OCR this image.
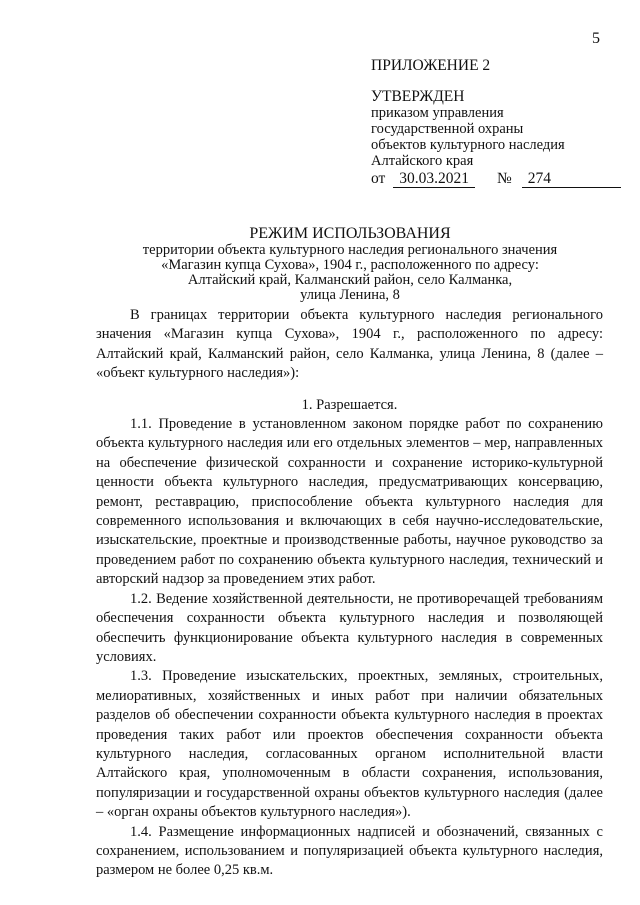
5
ПРИЛОЖЕНИЕ 2
УТВЕРЖДЕН
приказом управления
государственной охраны
объектов культурного наследия
Алтайского края
от 30.03.2021	№	274
РЕЖИМ ИСПОЛЬЗОВАНИЯ
территории объекта культурного наследия регионального значения
«Магазин купца Сухова», 1904 г., расположенного по адресу:
Алтайский край, Калманский район, село Калманка,
улица Ленина, 8

В границах территории объекта культурного наследия регионального значения «Магазин купца Сухова», 1904 г., расположенного по адресу: Алтайский край, Калманский район, село Калманка, улица Ленина, 8 (далее – «объект культурного наследия»):

1. Разрешается.

1.1. Проведение в установленном законом порядке работ по сохранению объекта культурного наследия или его отдельных элементов – мер, направленных на обеспечение физической сохранности и сохранение историко-культурной ценности объекта культурного наследия, предусматривающих консервацию, ремонт, реставрацию, приспособление объекта культурного наследия для современного использования и включающих в себя научно-исследовательские, изыскательские, проектные и производственные работы, научное руководство за проведением работ по сохранению объекта культурного наследия, технический и авторский надзор за проведением этих работ.

1.2. Ведение хозяйственной деятельности, не противоречащей требованиям обеспечения сохранности объекта культурного наследия и позволяющей обеспечить функционирование объекта культурного наследия в современных условиях.

1.3. Проведение изыскательских, проектных, земляных, строительных, мелиоративных, хозяйственных и иных работ при наличии обязательных разделов об обеспечении сохранности объекта культурного наследия в проектах проведения таких работ или проектов обеспечения сохранности объекта культурного наследия, согласованных органом исполнительной власти Алтайского края, уполномоченным в области сохранения, использования, популяризации и государственной охраны объектов культурного наследия (далее – «орган охраны объектов культурного наследия»).

1.4. Размещение информационных надписей и обозначений, связанных с сохранением, использованием и популяризацией объекта культурного наследия, размером не более 0,25 кв.м.
